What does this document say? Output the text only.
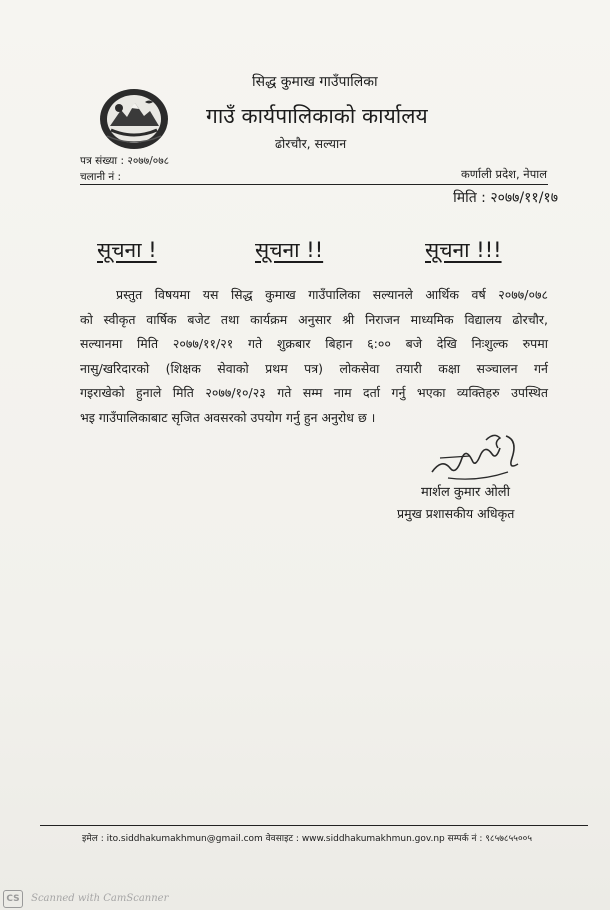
सिद्ध कुमाख गाउँपालिका
गाउँ कार्यपालिकाको कार्यालय
ढोरचौर, सल्यान
पत्र संख्या : २०७७/०७८
चलानी नं :	कर्णाली प्रदेश, नेपाल
मिति : २०७७/११/१७
सूचना !	सूचना !!	सूचना !!!
प्रस्तुत विषयमा यस सिद्ध कुमाख गाउँपालिका सल्यानले आर्थिक वर्ष २०७७/०७८
को स्वीकृत वार्षिक बजेट तथा कार्यक्रम अनुसार श्री निराजन माध्यमिक विद्यालय ढोरचौर,
सल्यानमा मिति २०७७/११/२१ गते शुक्रबार बिहान ६:०० बजे देखि निःशुल्क रुपमा
नासु/खरिदारको (शिक्षक सेवाको प्रथम पत्र) लोकसेवा तयारी कक्षा सञ्चालन गर्न
गइराखेको हुनाले मिति २०७७/१०/२३ गते सम्म नाम दर्ता गर्नु भएका व्यक्तिहरु उपस्थित
भइ गाउँपालिकाबाट सृजित अवसरको उपयोग गर्नु हुन अनुरोध छ ।
मार्शल कुमार ओली
प्रमुख प्रशासकीय अधिकृत
इमेल : ito.siddhakumakhmun@gmail.com वेवसाइट : www.siddhakumakhmun.gov.np सम्पर्क नं : ९८५७८५५००५
CS Scanned with CamScanner
